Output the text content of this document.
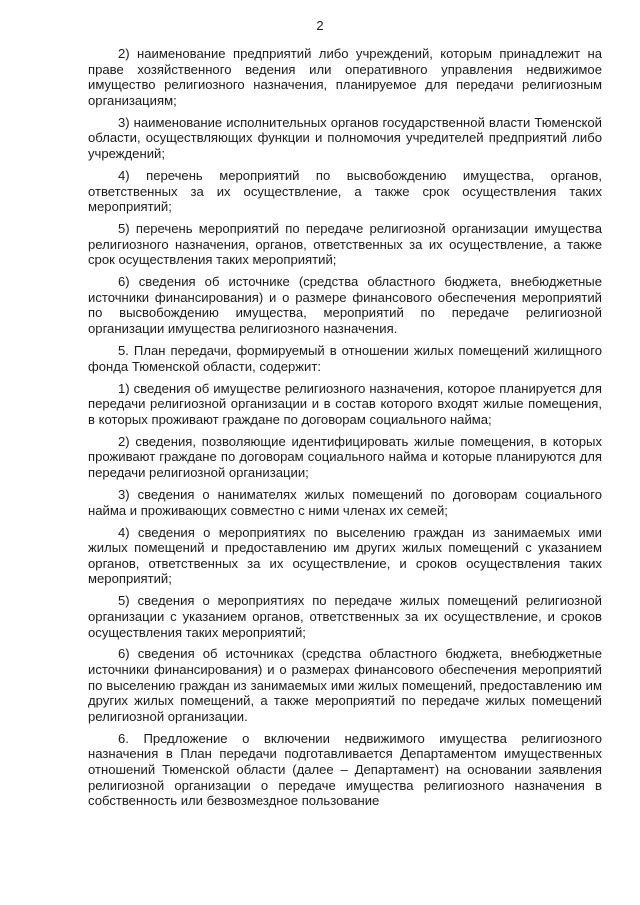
2

2) наименование предприятий либо учреждений, которым принадлежит на праве хозяйственного ведения или оперативного управления недвижимое имущество религиозного назначения, планируемое для передачи религиозным организациям;

3) наименование исполнительных органов государственной власти Тюменской области, осуществляющих функции и полномочия учредителей предприятий либо учреждений;

4) перечень мероприятий по высвобождению имущества, органов, ответственных за их осуществление, а также срок осуществления таких мероприятий;

5) перечень мероприятий по передаче религиозной организации имущества религиозного назначения, органов, ответственных за их осуществление, а также срок осуществления таких мероприятий;

6) сведения об источнике (средства областного бюджета, внебюджетные источники финансирования) и о размере финансового обеспечения мероприятий по высвобождению имущества, мероприятий по передаче религиозной организации имущества религиозного назначения.

5. План передачи, формируемый в отношении жилых помещений жилищного фонда Тюменской области, содержит:

1) сведения об имуществе религиозного назначения, которое планируется для передачи религиозной организации и в состав которого входят жилые помещения, в которых проживают граждане по договорам социального найма;

2) сведения, позволяющие идентифицировать жилые помещения, в которых проживают граждане по договорам социального найма и которые планируются для передачи религиозной организации;

3) сведения о нанимателях жилых помещений по договорам социального найма и проживающих совместно с ними членах их семей;

4) сведения о мероприятиях по выселению граждан из занимаемых ими жилых помещений и предоставлению им других жилых помещений с указанием органов, ответственных за их осуществление, и сроков осуществления таких мероприятий;

5) сведения о мероприятиях по передаче жилых помещений религиозной организации с указанием органов, ответственных за их осуществление, и сроков осуществления таких мероприятий;

6) сведения об источниках (средства областного бюджета, внебюджетные источники финансирования) и о размерах финансового обеспечения мероприятий по выселению граждан из занимаемых ими жилых помещений, предоставлению им других жилых помещений, а также мероприятий по передаче жилых помещений религиозной организации.

6. Предложение о включении недвижимого имущества религиозного назначения в План передачи подготавливается Департаментом имущественных отношений Тюменской области (далее – Департамент) на основании заявления религиозной организации о передаче имущества религиозного назначения в собственность или безвозмездное пользование
